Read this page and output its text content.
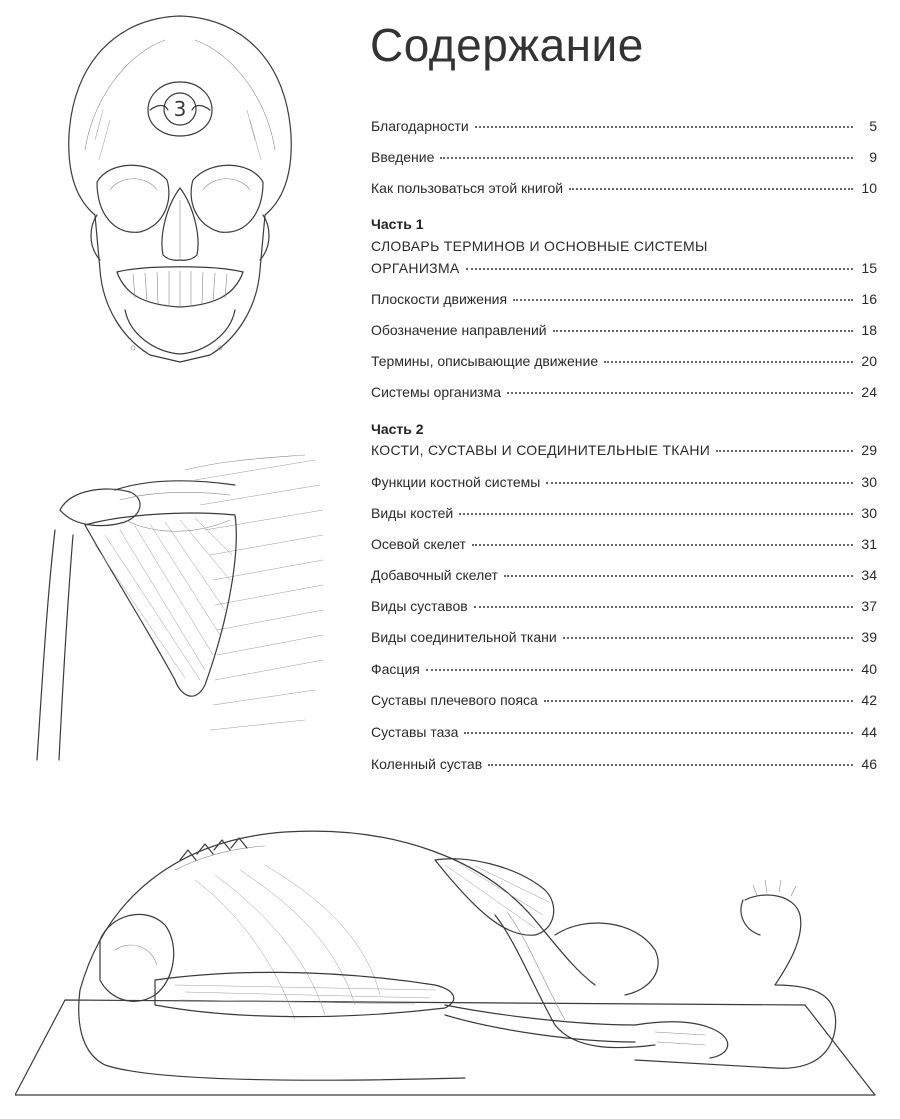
Содержание
Благодарности	5
Введение	9
Как пользоваться этой книгой	10
Часть 1
СЛОВАРЬ ТЕРМИНОВ И ОСНОВНЫЕ СИСТЕМЫ
ОРГАНИЗМА	15
Плоскости движения	16
Обозначение направлений	18
Термины, описывающие движение	20
Системы организма	24
Часть 2
КОСТИ, СУСТАВЫ И СОЕДИНИТЕЛЬНЫЕ ТКАНИ	29
Функции костной системы	30
Виды костей	30
Осевой скелет	31
Добавочный скелет	34
Виды суставов	37
Виды соединительной ткани	39
Фасция	40
Суставы плечевого пояса	42
Суставы таза	44
Коленный сустав	46
3
